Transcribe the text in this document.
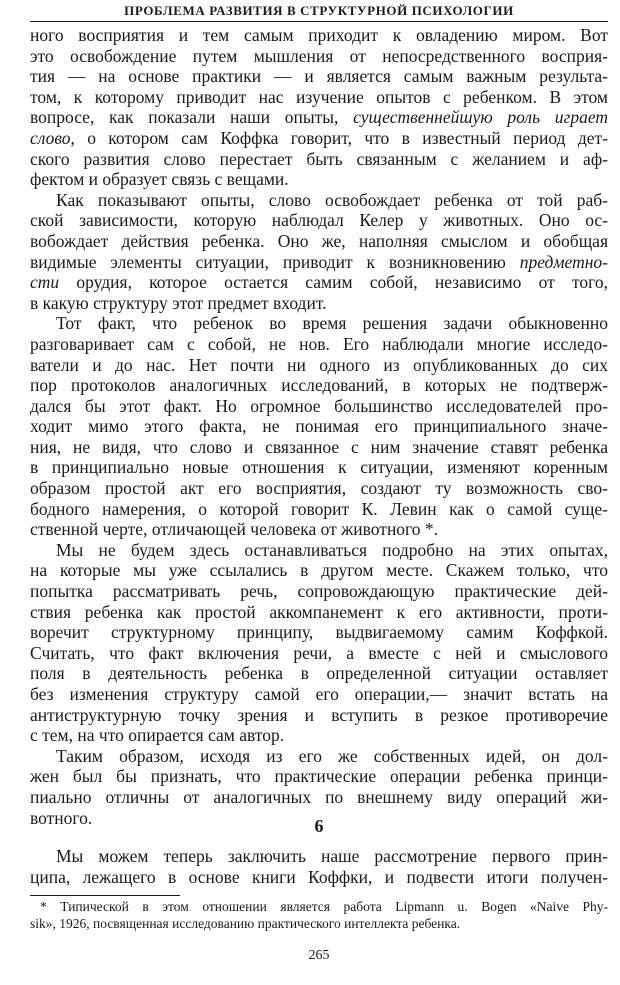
ПРОБЛЕМА РАЗВИТИЯ В СТРУКТУРНОЙ ПСИХОЛОГИИ
ного восприятия и тем самым приходит к овладению миром. Вот
это освобождение путем мышления от непосредственного восприя-
тия — на основе практики — и является самым важным результа-
том, к которому приводит нас изучение опытов с ребенком. В этом
вопросе, как показали наши опыты, существеннейшую роль играет
слово, о котором сам Коффка говорит, что в известный период дет-
ского развития слово перестает быть связанным с желанием и аф-
фектом и образует связь с вещами.
Как показывают опыты, слово освобождает ребенка от той раб-
ской зависимости, которую наблюдал Келер у животных. Оно ос-
вобождает действия ребенка. Оно же, наполняя смыслом и обобщая
видимые элементы ситуации, приводит к возникновению предметно-
сти орудия, которое остается самим собой, независимо от того,
в какую структуру этот предмет входит.
Тот факт, что ребенок во время решения задачи обыкновенно
разговаривает сам с собой, не нов. Его наблюдали многие исследо-
ватели и до нас. Нет почти ни одного из опубликованных до сих
пор протоколов аналогичных исследований, в которых не подтверж-
дался бы этот факт. Но огромное большинство исследователей про-
ходит мимо этого факта, не понимая его принципиального значе-
ния, не видя, что слово и связанное с ним значение ставят ребенка
в принципиально новые отношения к ситуации, изменяют коренным
образом простой акт его восприятия, создают ту возможность сво-
бодного намерения, о которой говорит К. Левин как о самой суще-
ственной черте, отличающей человека от животного *.
Мы не будем здесь останавливаться подробно на этих опытах,
на которые мы уже ссылались в другом месте. Скажем только, что
попытка рассматривать речь, сопровождающую практические дей-
ствия ребенка как простой аккомпанемент к его активности, проти-
воречит структурному принципу, выдвигаемому самим Коффкой.
Считать, что факт включения речи, а вместе с ней и смыслового
поля в деятельность ребенка в определенной ситуации оставляет
без изменения структуру самой его операции,— значит встать на
антиструктурную точку зрения и вступить в резкое противоречие
с тем, на что опирается сам автор.
Таким образом, исходя из его же собственных идей, он дол-
жен был бы признать, что практические операции ребенка принци-
пиально отличны от аналогичных по внешнему виду операций жи-
вотного.	6
Мы можем теперь заключить наше рассмотрение первого прин-
ципа, лежащего в основе книги Коффки, и подвести итоги получен-
* Типической в этом отношении является работа Lipmann u. Bogen «Naive Phy-
sik», 1926, посвященная исследованию практического интеллекта ребенка.
265
